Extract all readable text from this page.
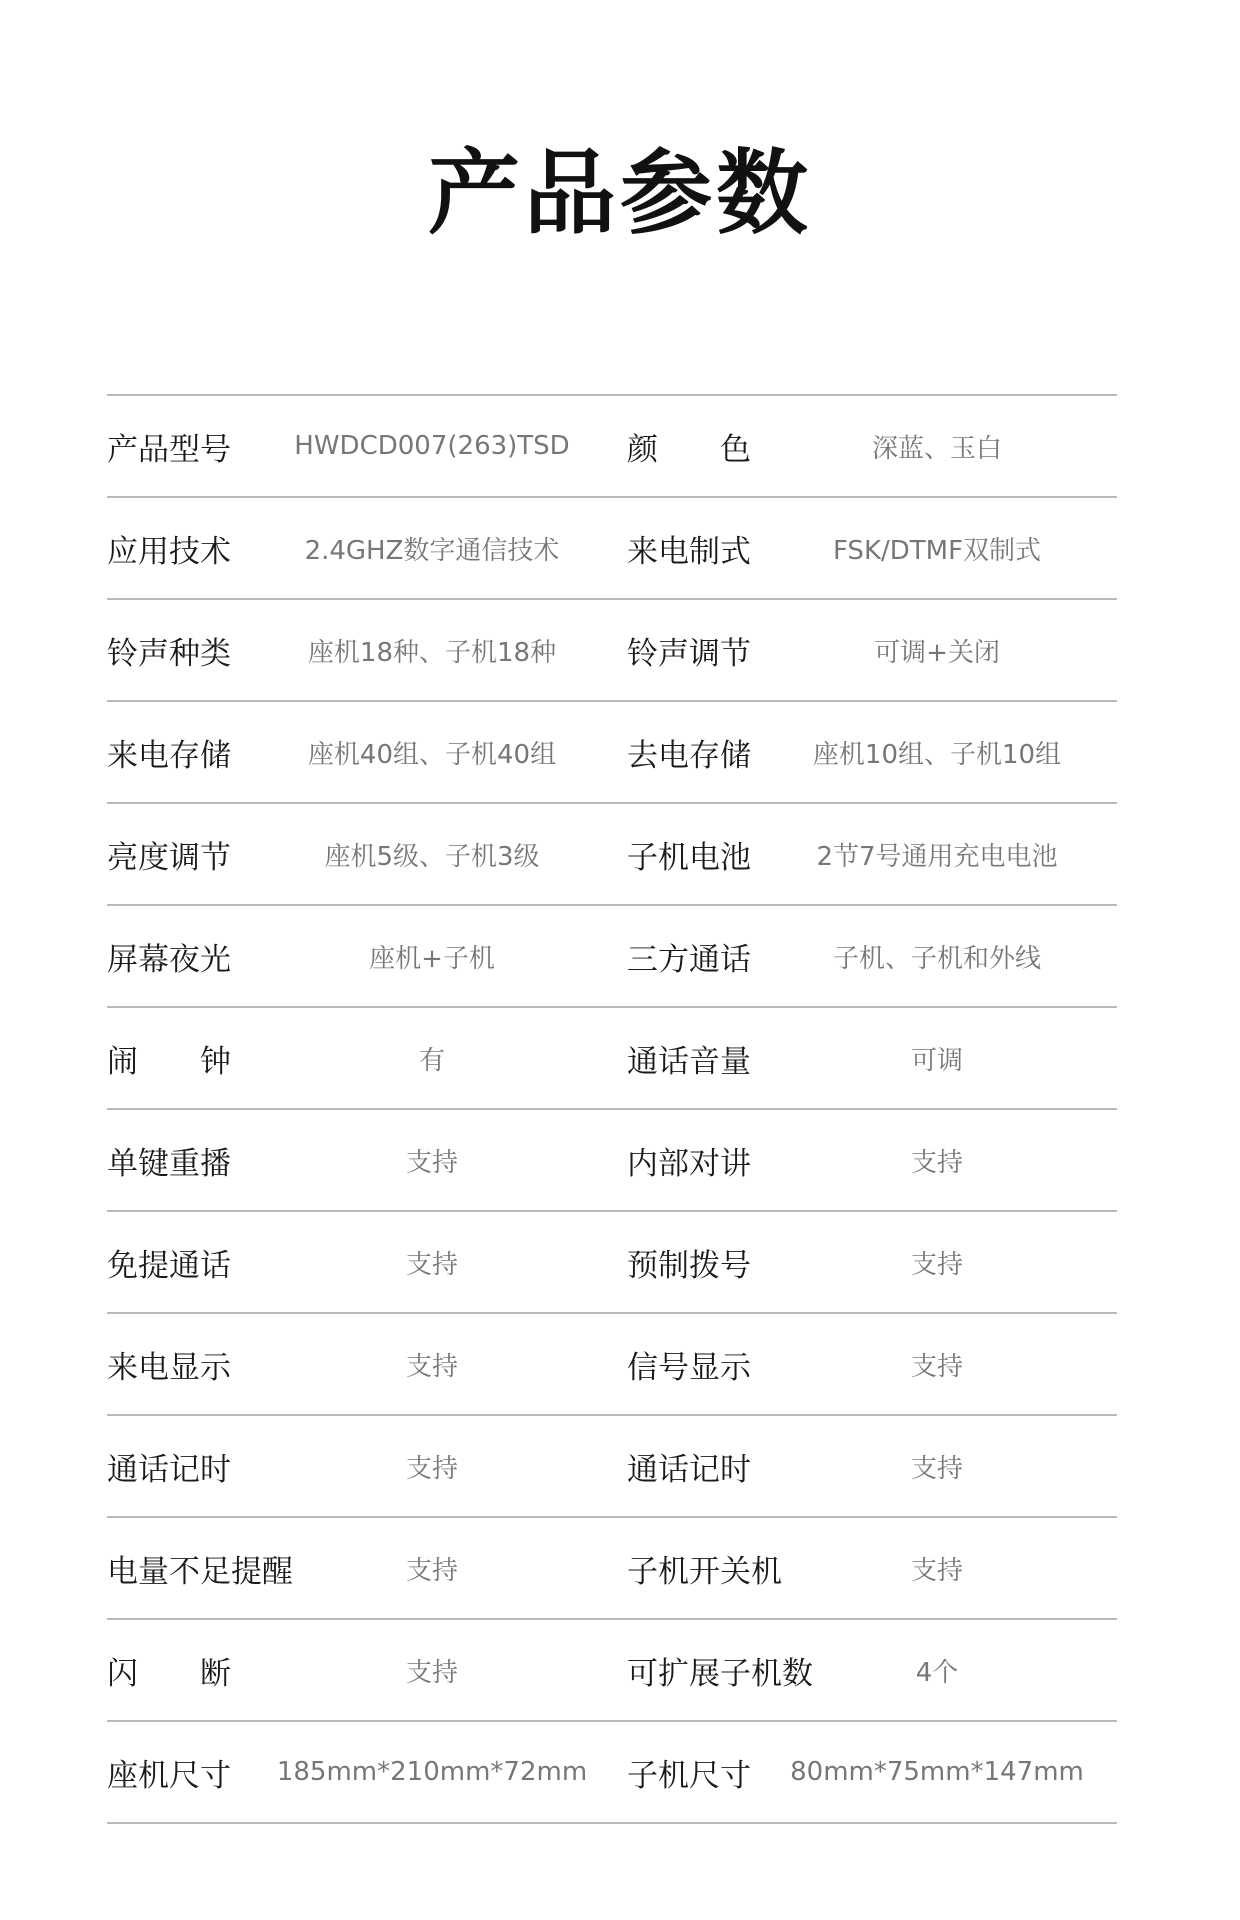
产品参数
产品型号	HWDCD007(263)TSD	颜　　色	深蓝、玉白
应用技术	2.4GHZ数字通信技术	来电制式	FSK/DTMF双制式
铃声种类	座机18种、子机18种	铃声调节	可调+关闭
来电存储	座机40组、子机40组	去电存储	座机10组、子机10组
亮度调节	座机5级、子机3级	子机电池	2节7号通用充电电池
屏幕夜光	座机+子机	三方通话	子机、子机和外线
闹　　钟	有	通话音量	可调
单键重播	支持	内部对讲	支持
免提通话	支持	预制拨号	支持
来电显示	支持	信号显示	支持
通话记时	支持	通话记时	支持
电量不足提醒	支持	子机开关机	支持
闪　　断	支持	可扩展子机数	4个
座机尺寸	185mm*210mm*72mm	子机尺寸	80mm*75mm*147mm
